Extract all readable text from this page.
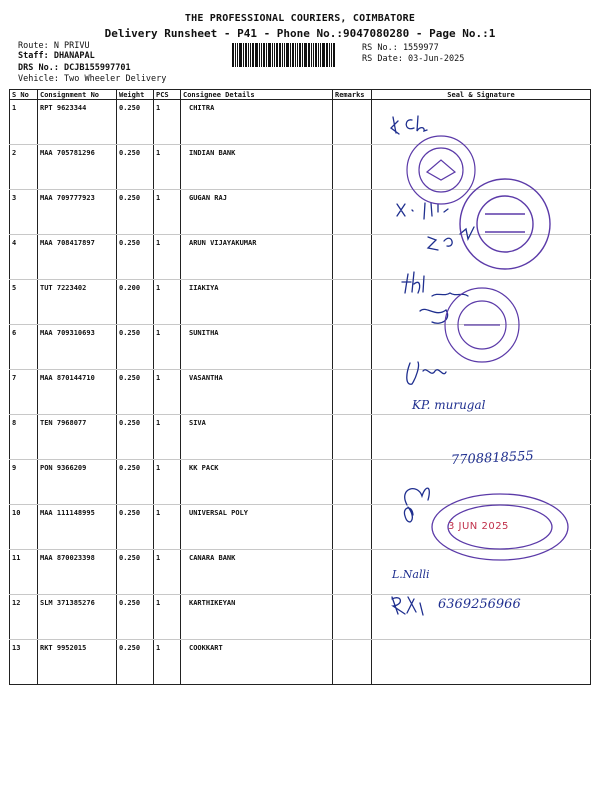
THE PROFESSIONAL COURIERS, COIMBATORE
Delivery Runsheet - P41 - Phone No.:9047080280 - Page No.:1
Route: N PRIVU
Staff: DHANAPAL
DRS No.: DCJB155997701
Vehicle: Two Wheeler Delivery
RS No.: 1559977
RS Date: 03-Jun-2025
S No	Consignment No	Weight	PCS	Consignee Details	Remarks	Seal & Signature
1	RPT 9623344	0.250	1	CHITRA		
2	MAA 705781296	0.250	1	INDIAN BANK		
3	MAA 709777923	0.250	1	GUGAN RAJ		
4	MAA 708417897	0.250	1	ARUN VIJAYAKUMAR		
5	TUT 7223402	0.200	1	IIAKIYA		
6	MAA 709310693	0.250	1	SUNITHA		
7	MAA 870144710	0.250	1	VASANTHA		
8	TEN 7968077	0.250	1	SIVA		
9	PON 9366209	0.250	1	KK PACK		
10	MAA 111148995	0.250	1	UNIVERSAL POLY		
11	MAA 870023398	0.250	1	CANARA BANK		
12	SLM 371385276	0.250	1	KARTHIKEYAN		
13	RKT 9952015	0.250	1	COOKKART		
3 JUN 2025
KP. murugal
7708818555
L.Nalli
6369256966
